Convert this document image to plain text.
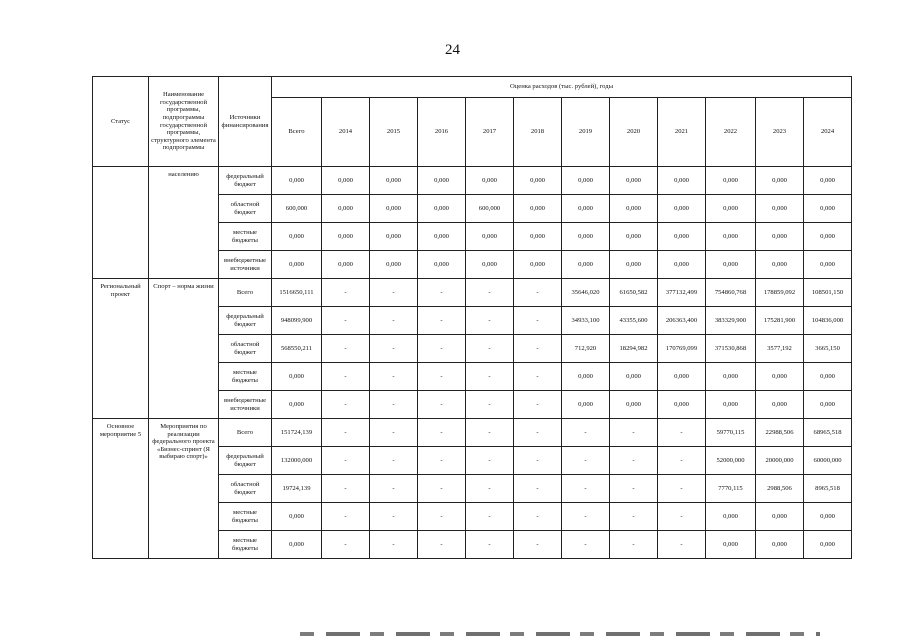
24
Статус	Наименование государственной программы, подпрограммы государственной программы, структурного элемента подпрограммы	Источники финансирования	Оценка расходов (тыс. рублей), годы											
			Всего	2014	2015	2016	2017	2018	2019	2020	2021	2022	2023	2024
	населению	федеральный бюджет	0,000	0,000	0,000	0,000	0,000	0,000	0,000	0,000	0,000	0,000	0,000	0,000
		областной бюджет	600,000	0,000	0,000	0,000	600,000	0,000	0,000	0,000	0,000	0,000	0,000	0,000
		местные бюджеты	0,000	0,000	0,000	0,000	0,000	0,000	0,000	0,000	0,000	0,000	0,000	0,000
		внебюджетные источники	0,000	0,000	0,000	0,000	0,000	0,000	0,000	0,000	0,000	0,000	0,000	0,000
Региональный проект	Спорт – норма жизни	Всего	1516650,111	-	-	-	-	-	35646,020	61650,582	377132,499	754860,768	178859,092	108501,150
		федеральный бюджет	948099,900	-	-	-	-	-	34933,100	43355,600	206363,400	383329,900	175281,900	104836,000
		областной бюджет	568550,211	-	-	-	-	-	712,920	18294,982	170769,099	371530,868	3577,192	3665,150
		местные бюджеты	0,000	-	-	-	-	-	0,000	0,000	0,000	0,000	0,000	0,000
		внебюджетные источники	0,000	-	-	-	-	-	0,000	0,000	0,000	0,000	0,000	0,000
Основное мероприятие 5	Мероприятия по реализации федерального проекта «Бизнес-спринт (Я выбираю спорт)»	Всего	151724,139	-	-	-	-	-	-	-	-	59770,115	22988,506	68965,518
		федеральный бюджет	132000,000	-	-	-	-	-	-	-	-	52000,000	20000,000	60000,000
		областной бюджет	19724,139	-	-	-	-	-	-	-	-	7770,115	2988,506	8965,518
		местные бюджеты	0,000	-	-	-	-	-	-	-	-	0,000	0,000	0,000
		местные бюджеты	0,000	-	-	-	-	-	-	-	-	0,000	0,000	0,000
